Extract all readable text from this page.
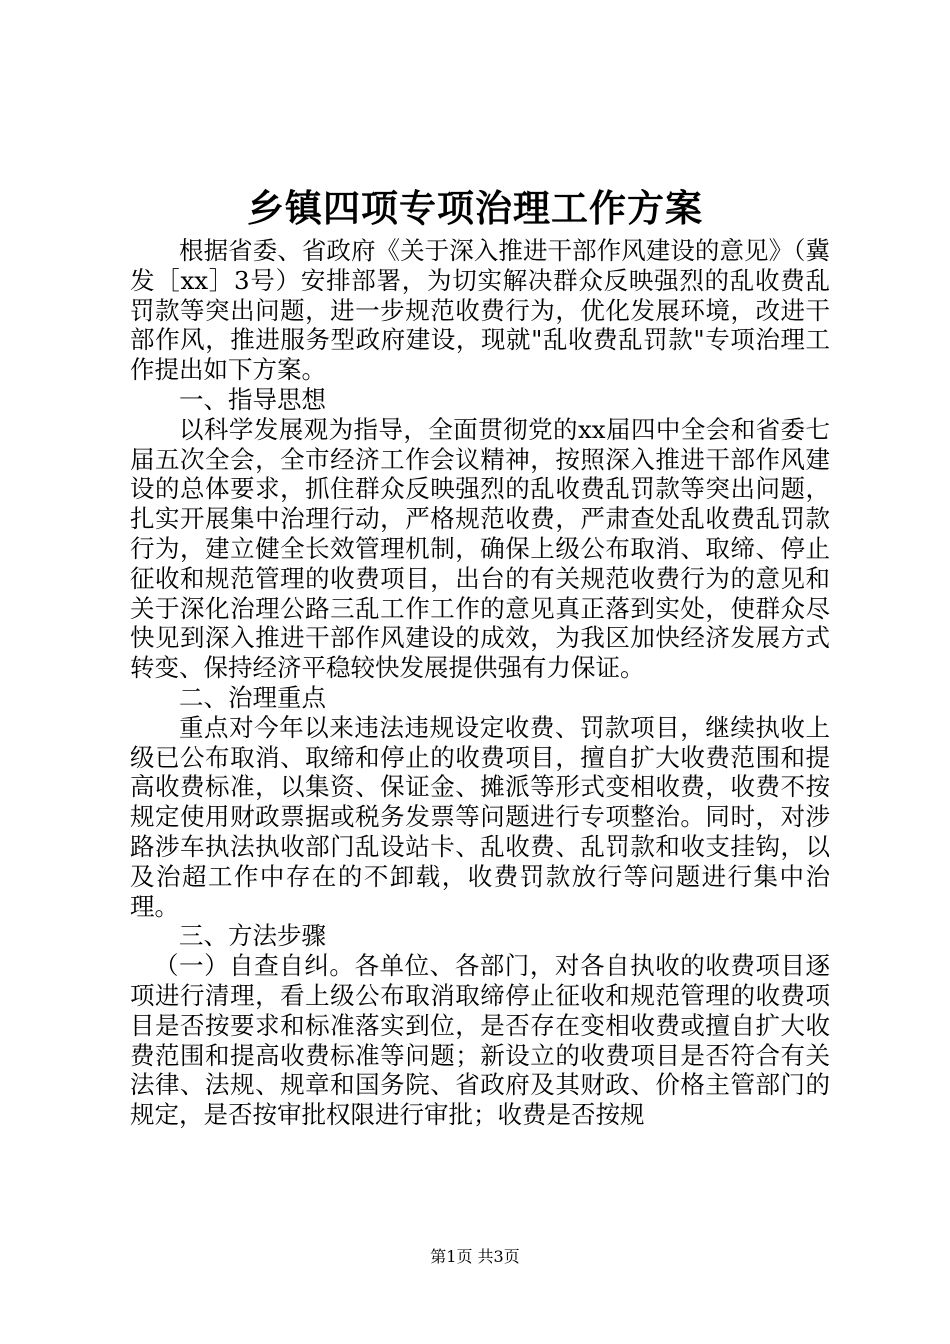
乡镇四项专项治理工作方案

根据省委、省政府《关于深入推进干部作风建设的意见》（冀发［xx］3号）安排部署，为切实解决群众反映强烈的乱收费乱罚款等突出问题，进一步规范收费行为，优化发展环境，改进干部作风，推进服务型政府建设，现就"乱收费乱罚款"专项治理工作提出如下方案。

一、指导思想

以科学发展观为指导，全面贯彻党的xx届四中全会和省委七届五次全会，全市经济工作会议精神，按照深入推进干部作风建设的总体要求，抓住群众反映强烈的乱收费乱罚款等突出问题，扎实开展集中治理行动，严格规范收费，严肃查处乱收费乱罚款行为，建立健全长效管理机制，确保上级公布取消、取缔、停止征收和规范管理的收费项目，出台的有关规范收费行为的意见和关于深化治理公路三乱工作工作的意见真正落到实处，使群众尽快见到深入推进干部作风建设的成效，为我区加快经济发展方式转变、保持经济平稳较快发展提供强有力保证。

二、治理重点

重点对今年以来违法违规设定收费、罚款项目，继续执收上级已公布取消、取缔和停止的收费项目，擅自扩大收费范围和提高收费标准，以集资、保证金、摊派等形式变相收费，收费不按规定使用财政票据或税务发票等问题进行专项整治。同时，对涉路涉车执法执收部门乱设站卡、乱收费、乱罚款和收支挂钩，以及治超工作中存在的不卸载，收费罚款放行等问题进行集中治理。

三、方法步骤

（一）自查自纠。各单位、各部门，对各自执收的收费项目逐项进行清理，看上级公布取消取缔停止征收和规范管理的收费项目是否按要求和标准落实到位，是否存在变相收费或擅自扩大收费范围和提高收费标准等问题；新设立的收费项目是否符合有关法律、法规、规章和国务院、省政府及其财政、价格主管部门的规定，是否按审批权限进行审批；收费是否按规

第1页 共3页
